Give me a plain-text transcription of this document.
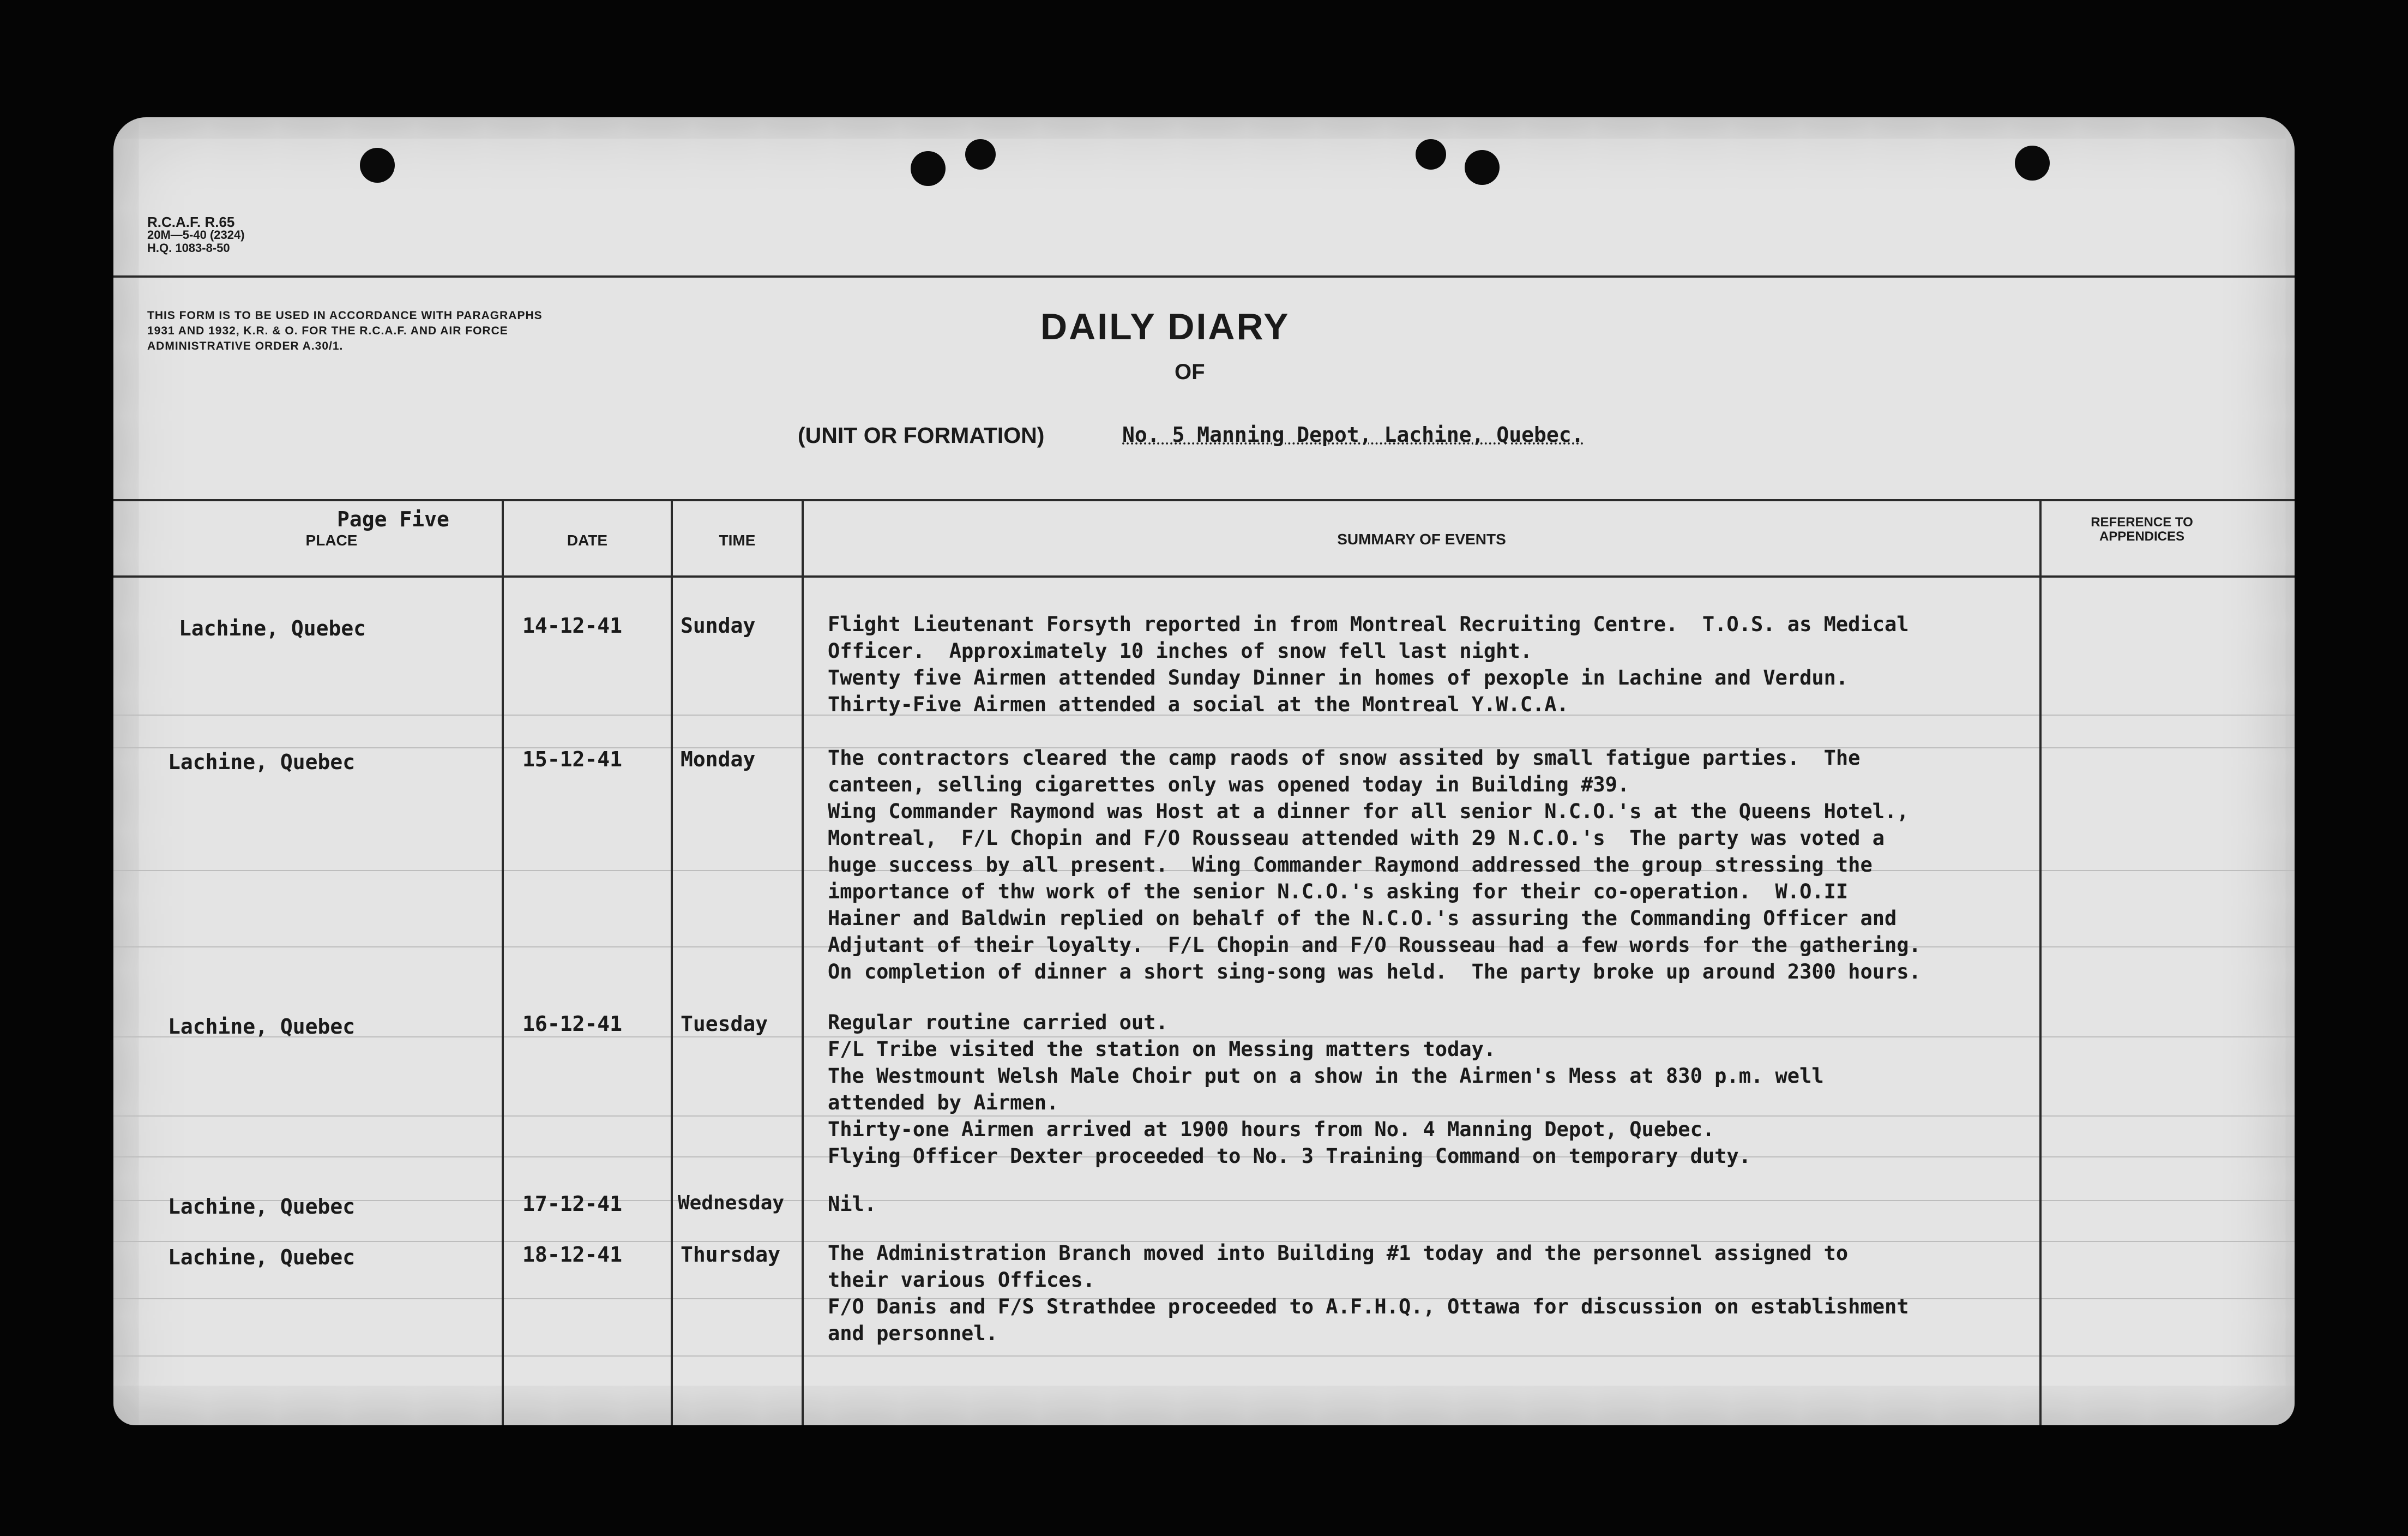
R.C.A.F. R.65
20M—5-40 (2324)
H.Q. 1083-8-50
THIS FORM IS TO BE USED IN ACCORDANCE WITH PARAGRAPHS 1931 AND 1932, K.R. & O. FOR THE R.C.A.F. AND AIR FORCE ADMINISTRATIVE ORDER A.30/1.	DAILY DIARY
OF
(UNIT OR FORMATION)	No. 5 Manning Depot, Lachine, Quebec.
Page Five
PLACE	DATE	TIME	SUMMARY OF EVENTS
REFERENCE TO APPENDICES
Lachine, Quebec	14-12-41	Sunday	Flight Lieutenant Forsyth reported in from Montreal Recruiting Centre.  T.O.S. as Medical
Officer.  Approximately 10 inches of snow fell last night.
Twenty five Airmen attended Sunday Dinner in homes of pexople in Lachine and Verdun.
Thirty-Five Airmen attended a social at the Montreal Y.W.C.A.
Lachine, Quebec	15-12-41	Monday	The contractors cleared the camp raods of snow assited by small fatigue parties.  The
canteen, selling cigarettes only was opened today in Building #39.
Wing Commander Raymond was Host at a dinner for all senior N.C.O.'s at the Queens Hotel.,
Montreal,  F/L Chopin and F/O Rousseau attended with 29 N.C.O.'s  The party was voted a
huge success by all present.  Wing Commander Raymond addressed the group stressing the
importance of thw work of the senior N.C.O.'s asking for their co-operation.  W.O.II
Hainer and Baldwin replied on behalf of the N.C.O.'s assuring the Commanding Officer and
Adjutant of their loyalty.  F/L Chopin and F/O Rousseau had a few words for the gathering.
On completion of dinner a short sing-song was held.  The party broke up around 2300 hours.
Lachine, Quebec	16-12-41	Tuesday	Regular routine carried out.
F/L Tribe visited the station on Messing matters today.
The Westmount Welsh Male Choir put on a show in the Airmen's Mess at 830 p.m. well
attended by Airmen.
Thirty-one Airmen arrived at 1900 hours from No. 4 Manning Depot, Quebec.
Flying Officer Dexter proceeded to No. 3 Training Command on temporary duty.
Lachine, Quebec	17-12-41	Wednesday Nil.
Lachine, Quebec	18-12-41	Thursday The Administration Branch moved into Building #1 today and the personnel assigned to
their various Offices.
F/O Danis and F/S Strathdee proceeded to A.F.H.Q., Ottawa for discussion on establishment
and personnel.
